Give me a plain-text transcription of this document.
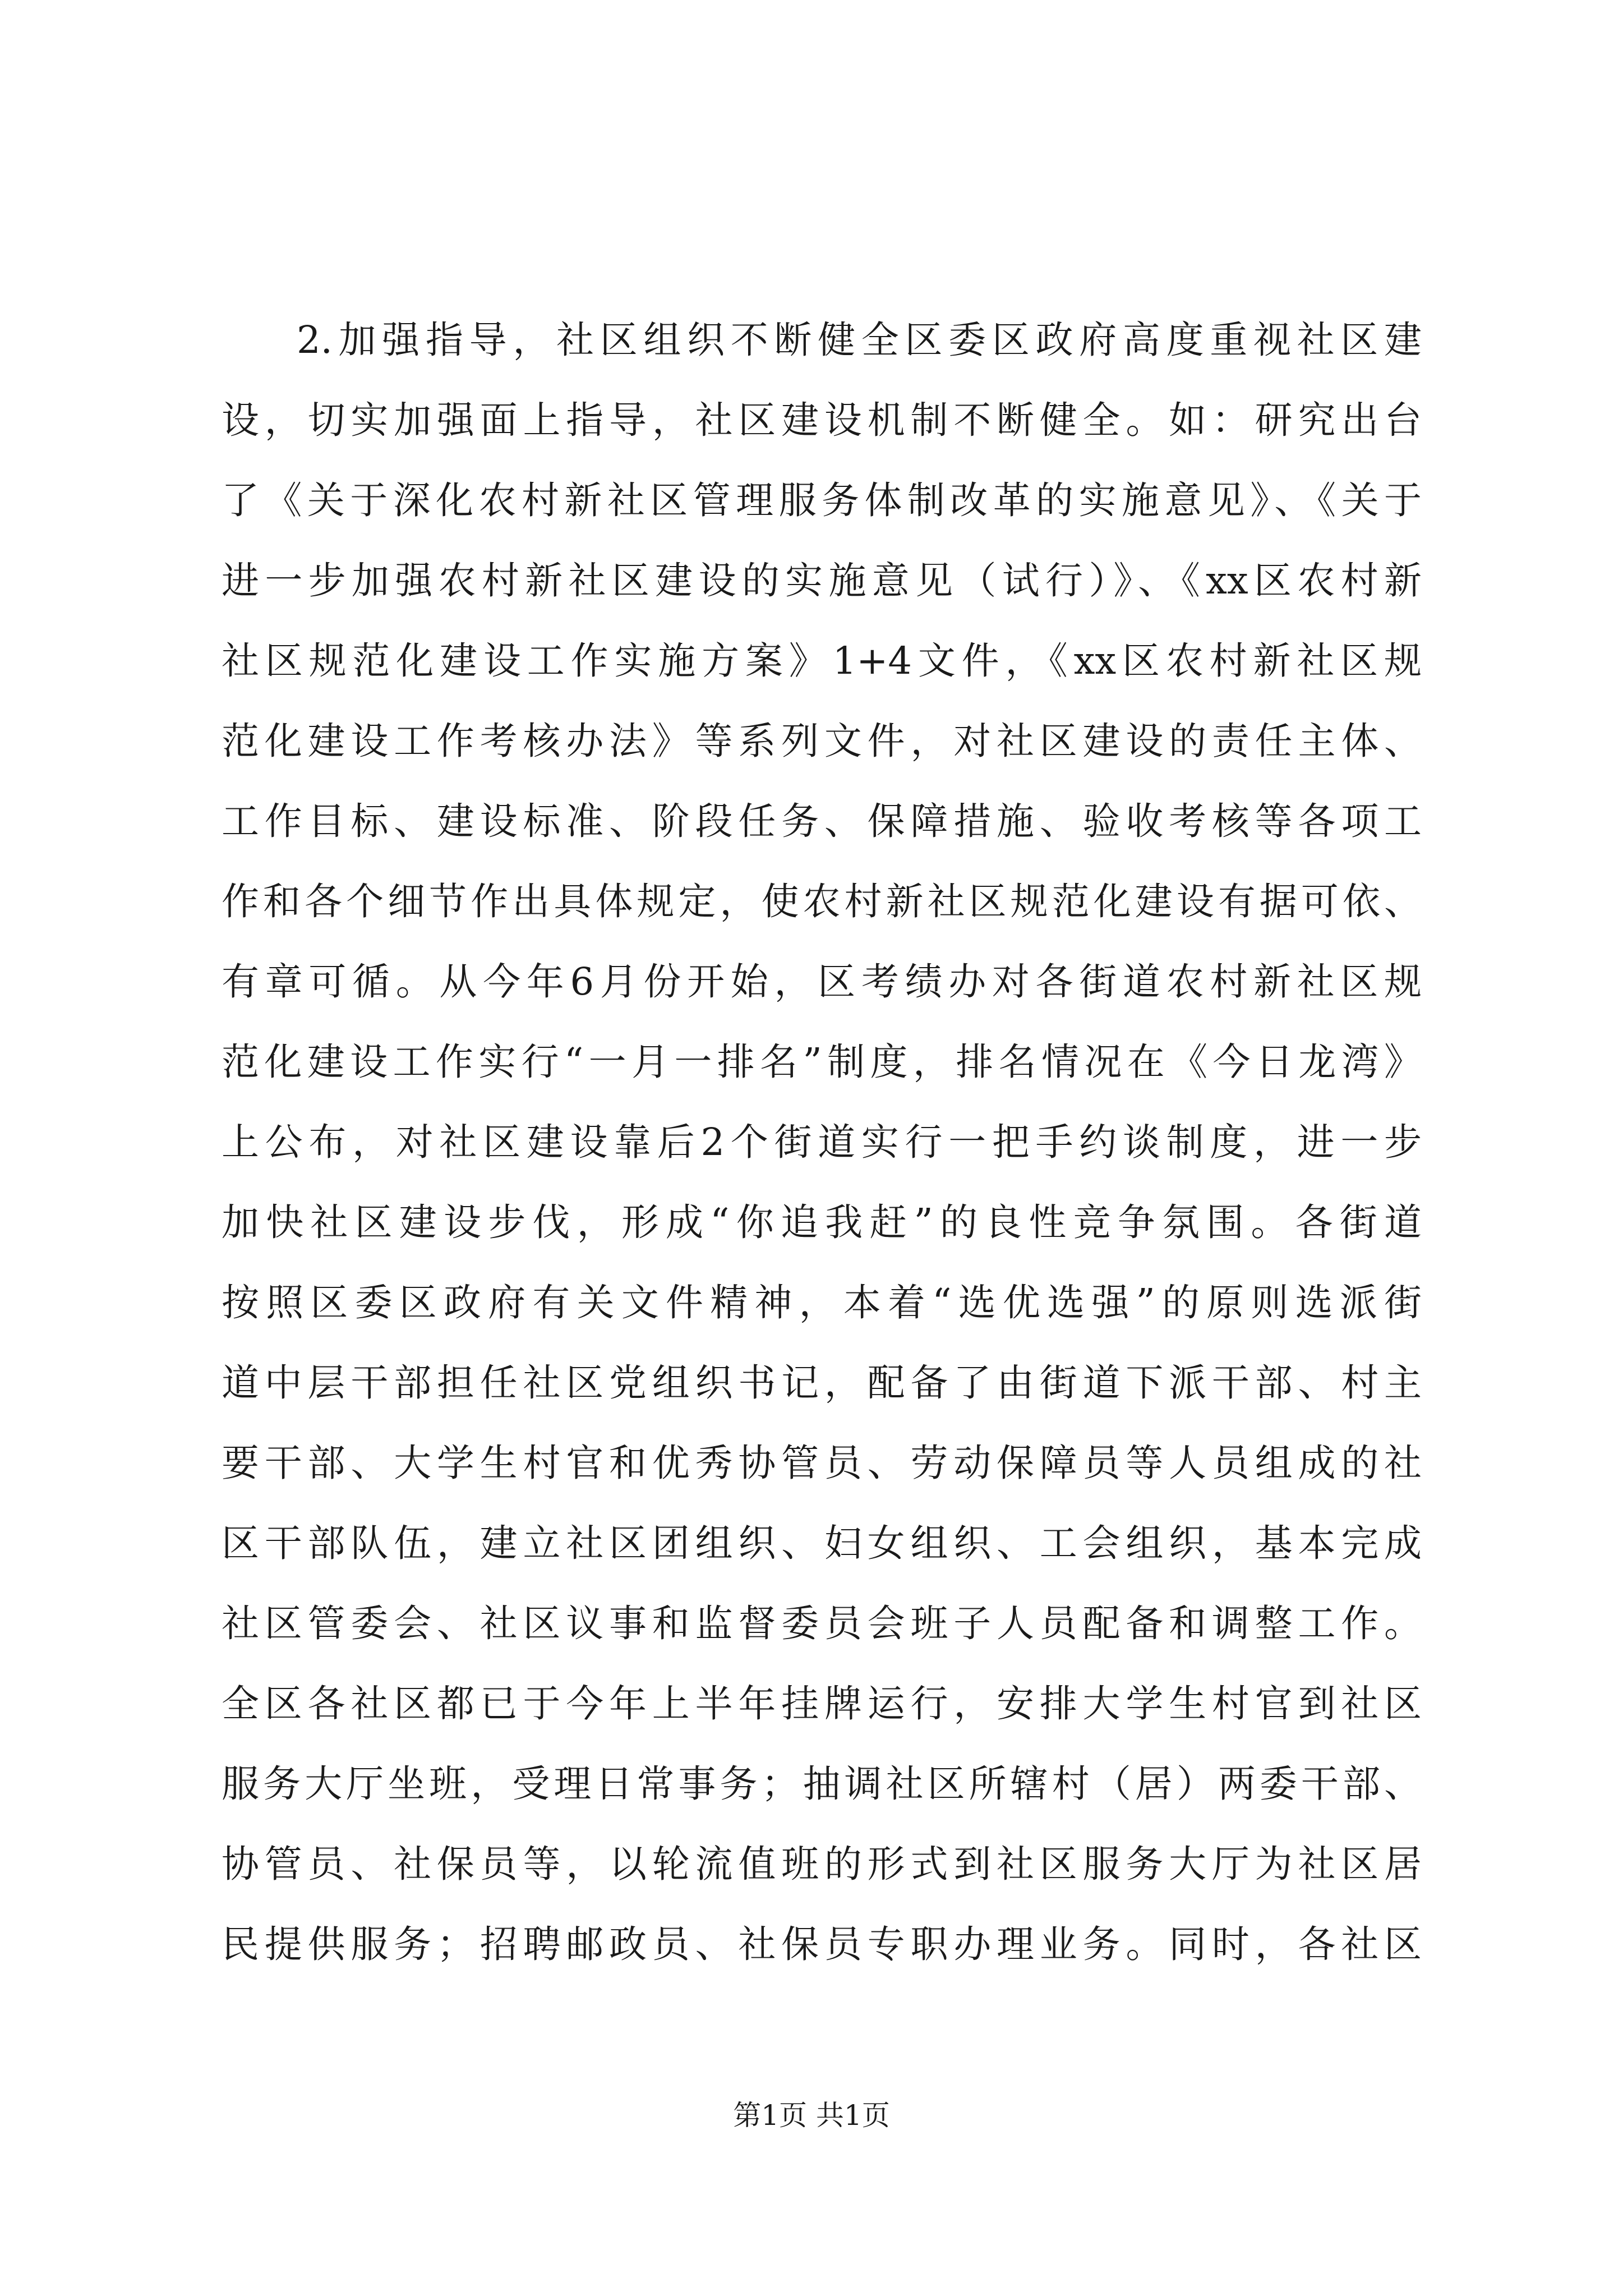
2.加强指导，社区组织不断健全区委区政府高度重视社区建
设，切实加强面上指导，社区建设机制不断健全。如：研究出台
了《关于深化农村新社区管理服务体制改革的实施意见》、《关于
进一步加强农村新社区建设的实施意见（试行）》、《xx区农村新
社区规范化建设工作实施方案》1+4文件，《xx区农村新社区规
范化建设工作考核办法》等系列文件，对社区建设的责任主体、
工作目标、建设标准、阶段任务、保障措施、验收考核等各项工
作和各个细节作出具体规定，使农村新社区规范化建设有据可依、
有章可循。从今年6月份开始，区考绩办对各街道农村新社区规
范化建设工作实行“一月一排名”制度，排名情况在《今日龙湾》
上公布，对社区建设靠后2个街道实行一把手约谈制度，进一步
加快社区建设步伐，形成“你追我赶”的良性竞争氛围。各街道
按照区委区政府有关文件精神，本着“选优选强”的原则选派街
道中层干部担任社区党组织书记，配备了由街道下派干部、村主
要干部、大学生村官和优秀协管员、劳动保障员等人员组成的社
区干部队伍，建立社区团组织、妇女组织、工会组织，基本完成
社区管委会、社区议事和监督委员会班子人员配备和调整工作。
全区各社区都已于今年上半年挂牌运行，安排大学生村官到社区
服务大厅坐班，受理日常事务；抽调社区所辖村（居）两委干部、
协管员、社保员等，以轮流值班的形式到社区服务大厅为社区居
民提供服务；招聘邮政员、社保员专职办理业务。同时，各社区
第1页 共1页
